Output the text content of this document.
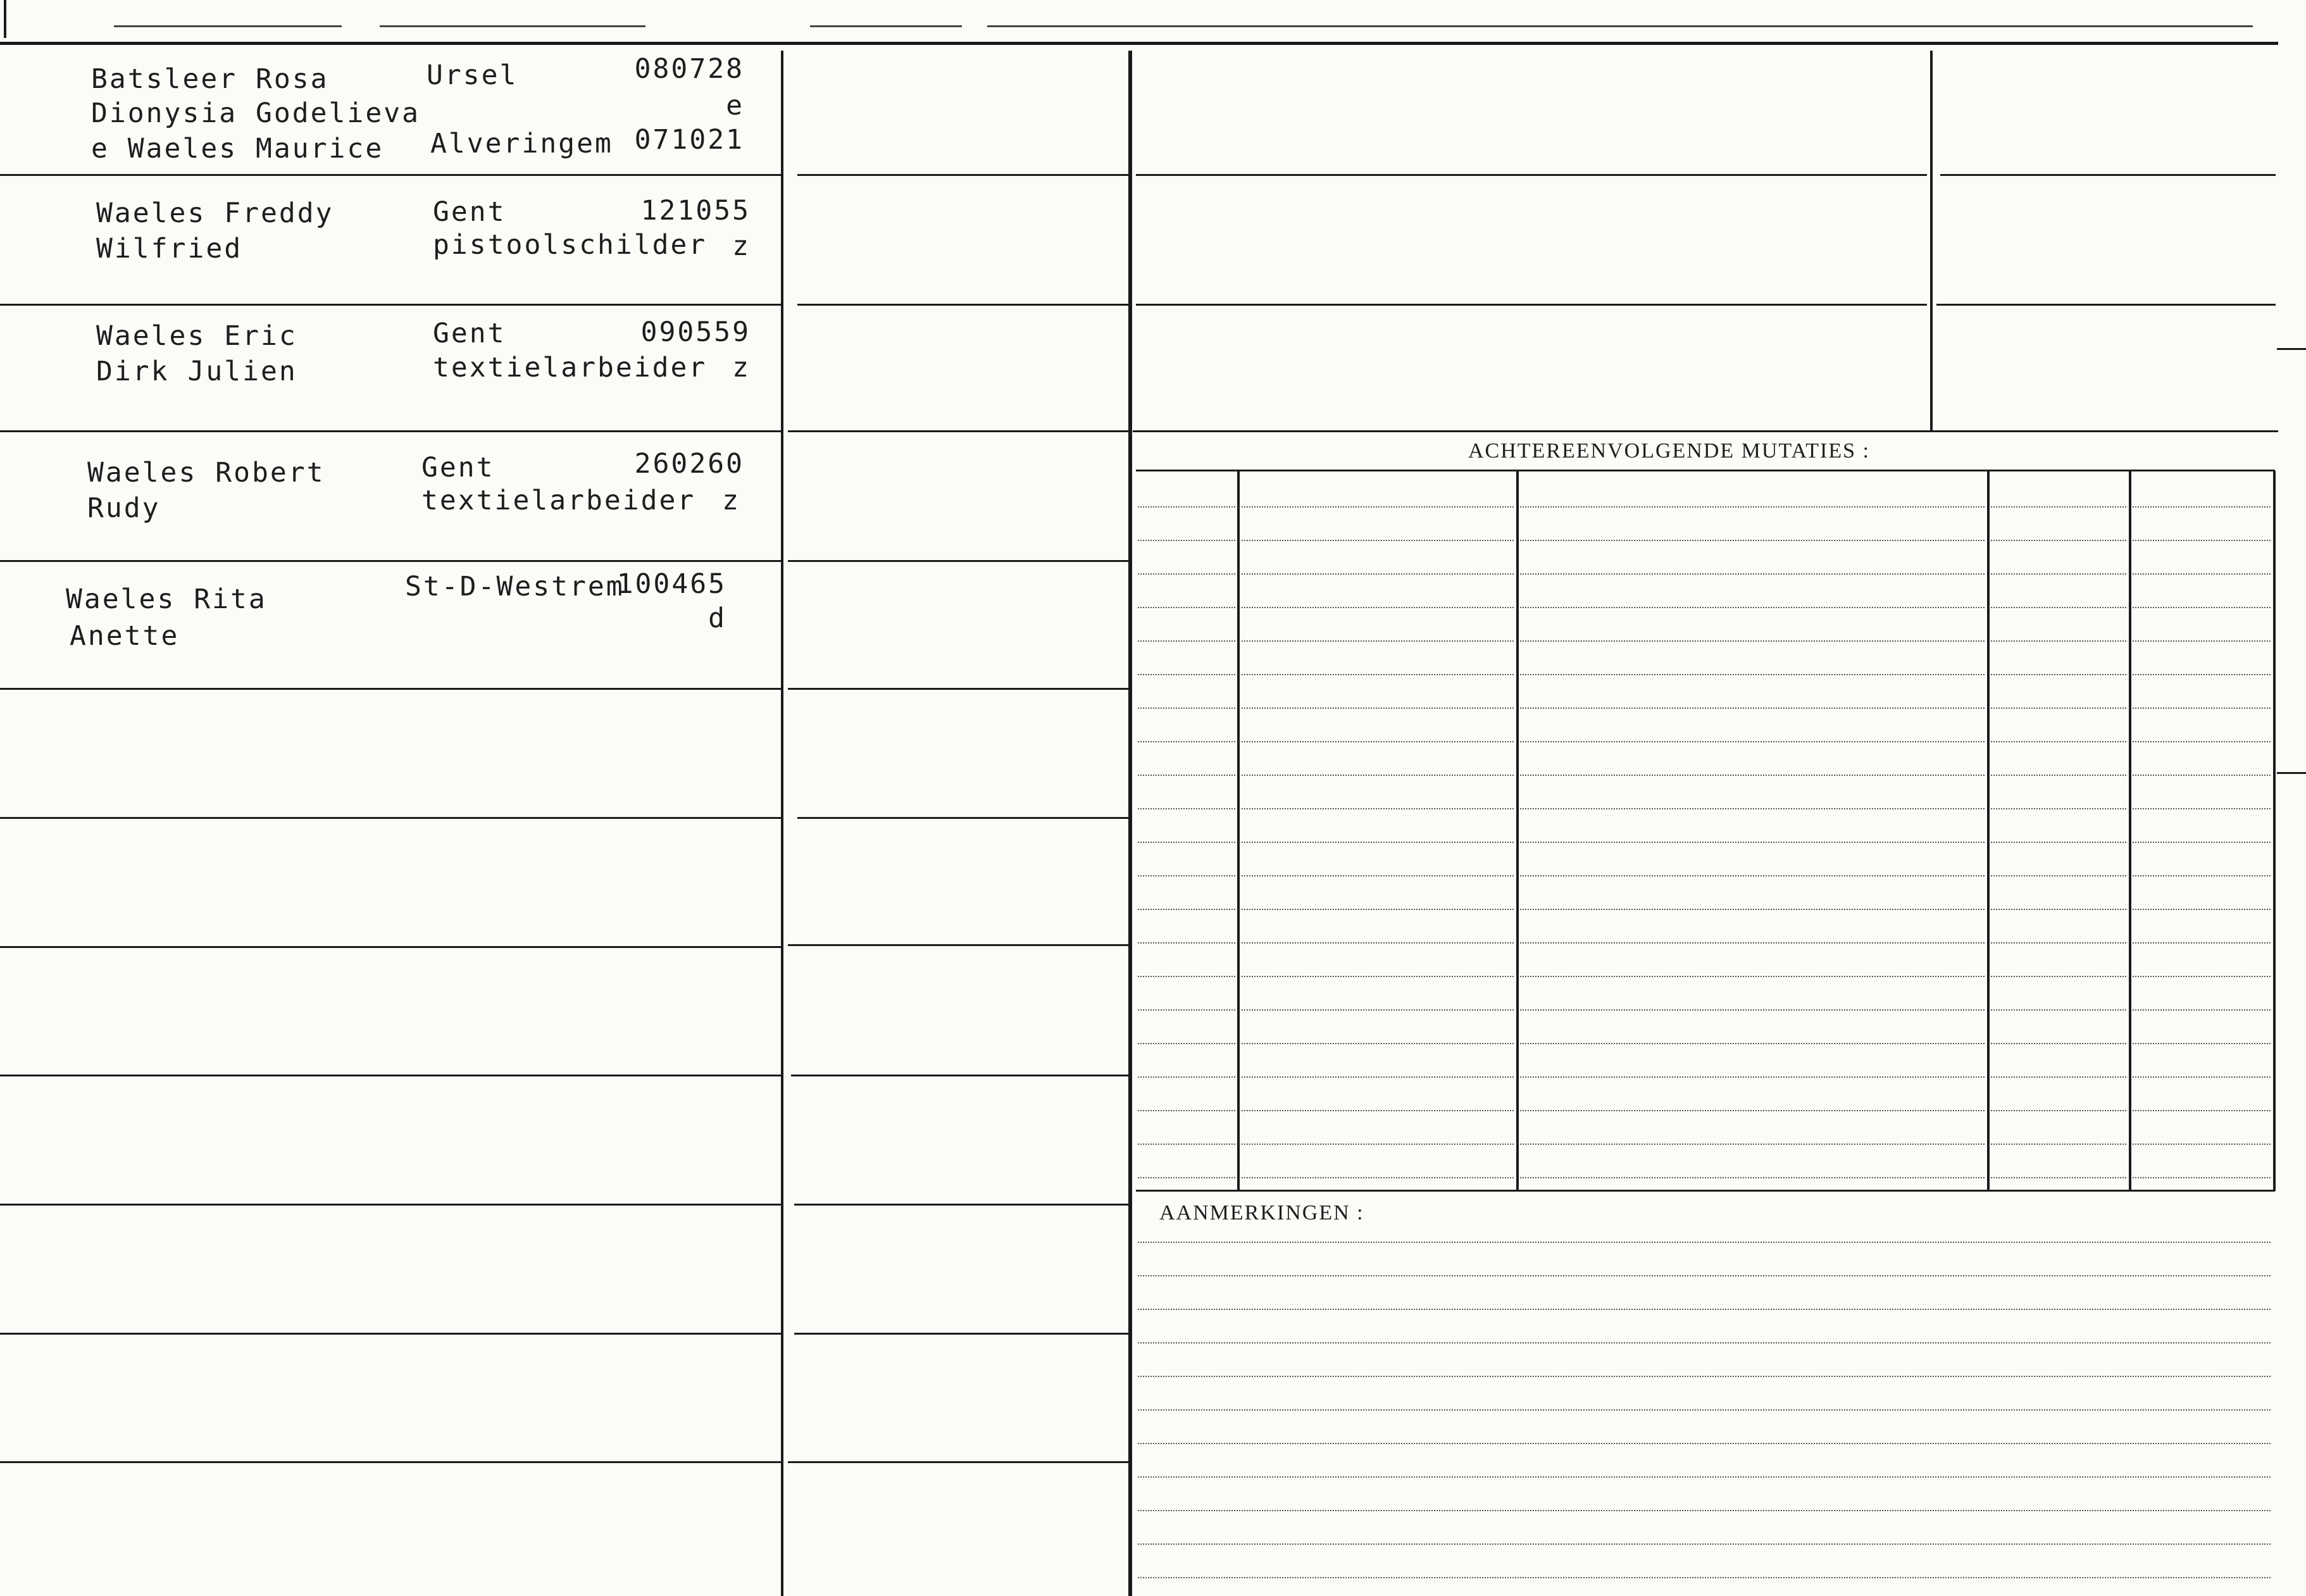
ACHTEREENVOLGENDE MUTATIES :
AANMERKINGEN :
Batsleer Rosa
Dionysia Godelieva
e Waeles Maurice
Ursel
Alveringem
080728
e
071021
Waeles Freddy
Wilfried
Gent
pistoolschilder
121055
z
Waeles Eric
Dirk Julien
Gent
textielarbeider
090559
z
Waeles Robert
Rudy
Gent
textielarbeider
260260
z
Waeles Rita
Anette
St-D-Westrem
100465
d
